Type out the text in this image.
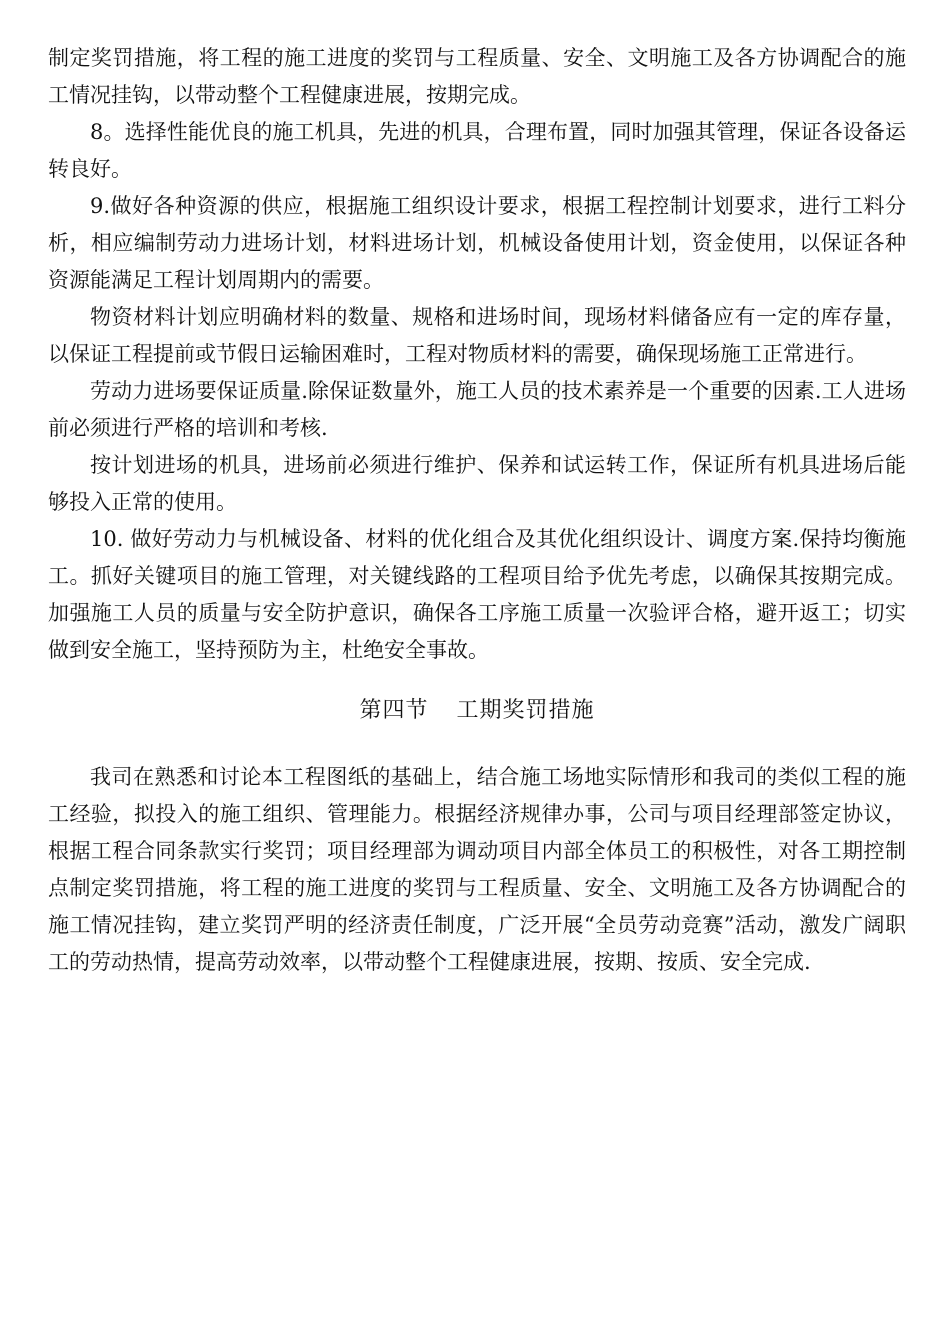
制定奖罚措施，将工程的施工进度的奖罚与工程质量、安全、文明施工及各方协调配合的施工情况挂钩，以带动整个工程健康进展，按期完成。

8。选择性能优良的施工机具，先进的机具，合理布置，同时加强其管理，保证各设备运转良好。

9.做好各种资源的供应，根据施工组织设计要求，根据工程控制计划要求，进行工料分析，相应编制劳动力进场计划，材料进场计划，机械设备使用计划，资金使用，以保证各种资源能满足工程计划周期内的需要。

物资材料计划应明确材料的数量、规格和进场时间，现场材料储备应有一定的库存量，以保证工程提前或节假日运输困难时，工程对物质材料的需要，确保现场施工正常进行。

劳动力进场要保证质量.除保证数量外，施工人员的技术素养是一个重要的因素.工人进场前必须进行严格的培训和考核.

按计划进场的机具，进场前必须进行维护、保养和试运转工作，保证所有机具进场后能够投入正常的使用。

10. 做好劳动力与机械设备、材料的优化组合及其优化组织设计、调度方案.保持均衡施工。抓好关键项目的施工管理，对关键线路的工程项目给予优先考虑，以确保其按期完成。加强施工人员的质量与安全防护意识，确保各工序施工质量一次验评合格，避开返工；切实做到安全施工，坚持预防为主，杜绝安全事故。

第四节 工期奖罚措施

我司在熟悉和讨论本工程图纸的基础上，结合施工场地实际情形和我司的类似工程的施工经验，拟投入的施工组织、管理能力。根据经济规律办事，公司与项目经理部签定协议，根据工程合同条款实行奖罚；项目经理部为调动项目内部全体员工的积极性，对各工期控制点制定奖罚措施，将工程的施工进度的奖罚与工程质量、安全、文明施工及各方协调配合的施工情况挂钩，建立奖罚严明的经济责任制度，广泛开展“全员劳动竞赛”活动，激发广阔职工的劳动热情，提高劳动效率，以带动整个工程健康进展，按期、按质、安全完成.
